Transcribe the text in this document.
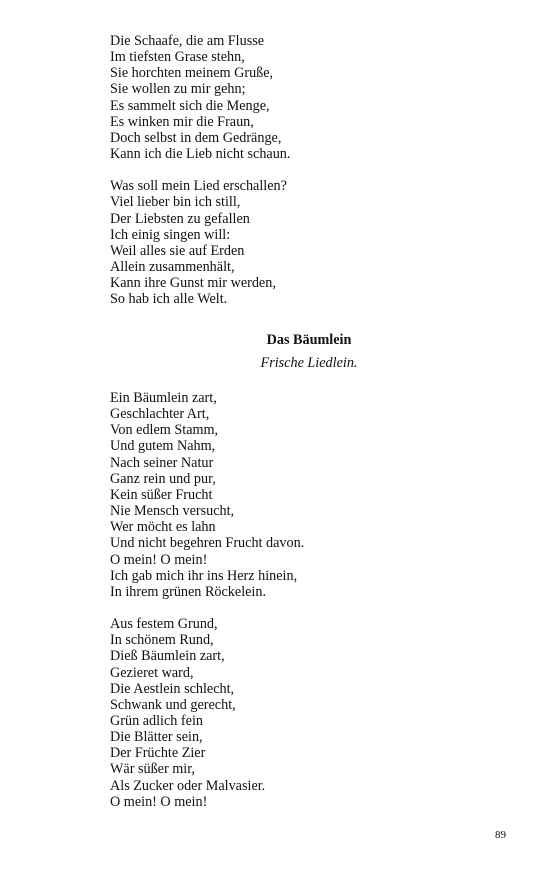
Die Schaafe, die am Flusse
Im tiefsten Grase stehn,
Sie horchten meinem Gruße,
Sie wollen zu mir gehn;
Es sammelt sich die Menge,
Es winken mir die Fraun,
Doch selbst in dem Gedränge,
Kann ich die Lieb nicht schaun.
Was soll mein Lied erschallen?
Viel lieber bin ich still,
Der Liebsten zu gefallen
Ich einig singen will:
Weil alles sie auf Erden
Allein zusammenhält,
Kann ihre Gunst mir werden,
So hab ich alle Welt.
Das Bäumlein
Frische Liedlein.
Ein Bäumlein zart,
Geschlachter Art,
Von edlem Stamm,
Und gutem Nahm,
Nach seiner Natur
Ganz rein und pur,
Kein süßer Frucht
Nie Mensch versucht,
Wer möcht es lahn
Und nicht begehren Frucht davon.
O mein! O mein!
Ich gab mich ihr ins Herz hinein,
In ihrem grünen Röckelein.
Aus festem Grund,
In schönem Rund,
Dieß Bäumlein zart,
Gezieret ward,
Die Aestlein schlecht,
Schwank und gerecht,
Grün adlich fein
Die Blätter sein,
Der Früchte Zier
Wär süßer mir,
Als Zucker oder Malvasier.
O mein! O mein!
89
